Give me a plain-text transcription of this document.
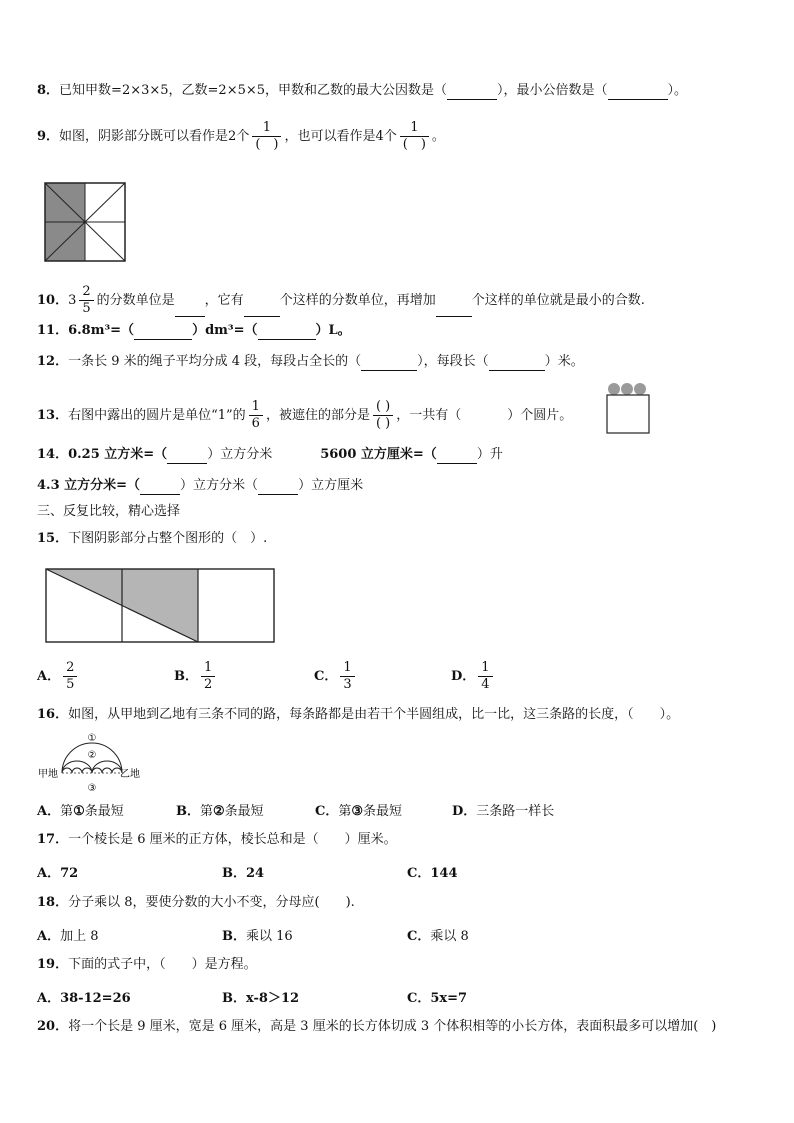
8．已知甲数=2×3×5，乙数=2×5×5，甲数和乙数的最大公因数是（	），最小公倍数是（	）。
9．如图，阴影部分既可以看作是2个 $\frac{1}{( )}$ ，也可以看作是4个 $\frac{1}{( )}$ 。
10． $3 \frac{2}{5}$ 的分数单位是 ，它有	个这样的分数单位，再增加	个这样的单位就是最小的合数.
11．6.8m³=（	）dm³=（	）L。
12．一条长 9 米的绳子平均分成 4 段，每段占全长的（	），每段长（	）米。
13．右图中露出的圆片是单位“1”的 $\frac{1}{6}$ ，被遮住的部分是 $\frac{( )}{( )}$ ，一共有（	）个圆片。
14．0.25 立方米=（	）立方分米	5600 立方厘米=（	）升
4.3 立方分米=（	）立方分米（	）立方厘米
三、反复比较，精心选择
15．下图阴影部分占整个图形的（　）.
A． $\frac{2}{5}$	B． $\frac{1}{2}$	C． $\frac{1}{3}$	D． $\frac{1}{4}$
16．如图，从甲地到乙地有三条不同的路，每条路都是由若干个半圆组成，比一比，这三条路的长度，（　　）。
①
②
③
甲地	乙地
A．第①条最短	B．第②条最短	C．第③条最短	D．三条路一样长
17．一个棱长是 6 厘米的正方体，棱长总和是（　　）厘米。
A．72	B．24	C．144
18．分子乘以 8，要使分数的大小不变，分母应(　　).
A．加上 8	B．乘以 16	C．乘以 8
19．下面的式子中，（　　）是方程。
A．38-12=26	B．x-8＞12	C．5x=7
20．将一个长是 9 厘米，宽是 6 厘米，高是 3 厘米的长方体切成 3 个体积相等的小长方体，表面积最多可以增加(　)
